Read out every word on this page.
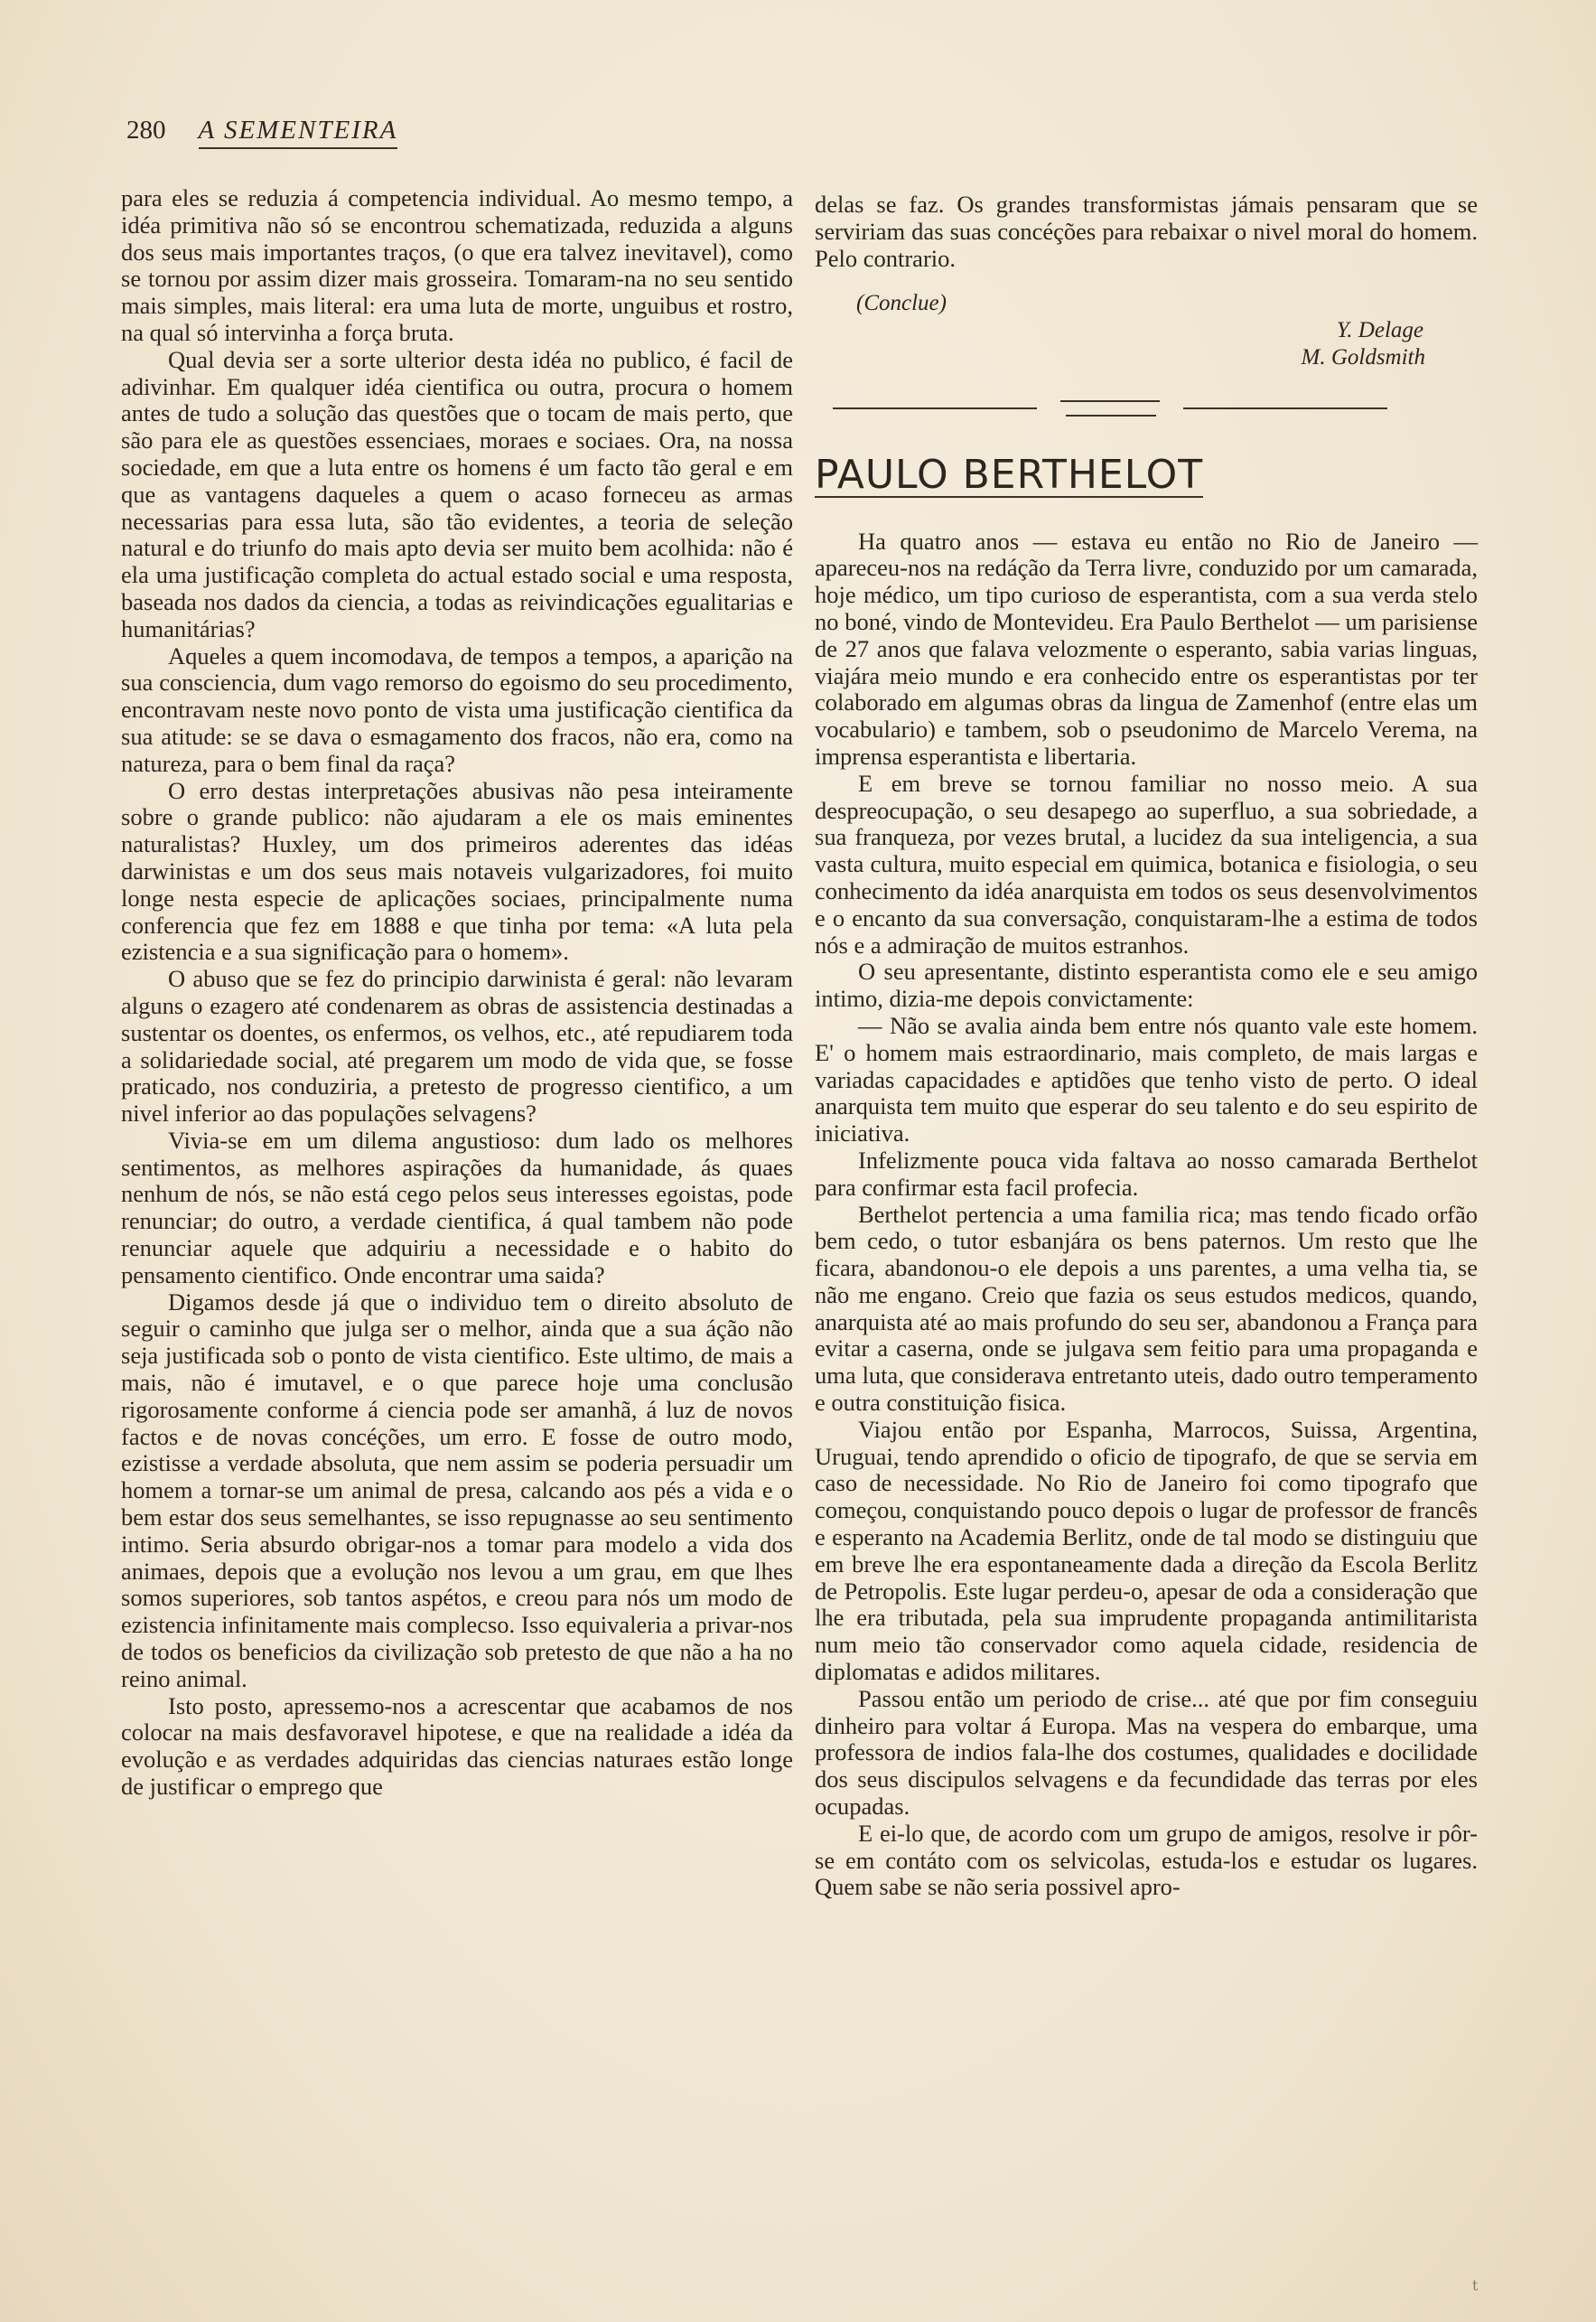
280 A SEMENTEIRA

para eles se reduzia á competencia individual. Ao mesmo tempo, a idéa primitiva não só se encontrou schematizada, reduzida a alguns dos seus mais importantes traços, (o que era talvez inevitavel), como se tornou por assim dizer mais grosseira. Tomaram-na no seu sentido mais simples, mais literal: era uma luta de morte, unguibus et rostro, na qual só intervinha a força bruta.

Qual devia ser a sorte ulterior desta idéa no publico, é facil de adivinhar. Em qualquer idéa cientifica ou outra, procura o homem antes de tudo a solução das questões que o tocam de mais perto, que são para ele as questões essenciaes, moraes e sociaes. Ora, na nossa sociedade, em que a luta entre os homens é um facto tão geral e em que as vantagens daqueles a quem o acaso forneceu as armas necessarias para essa luta, são tão evidentes, a teoria de seleção natural e do triunfo do mais apto devia ser muito bem acolhida: não é ela uma justificação completa do actual estado social e uma resposta, baseada nos dados da ciencia, a todas as reivindicações egualitarias e humanitárias?

Aqueles a quem incomodava, de tempos a tempos, a aparição na sua consciencia, dum vago remorso do egoismo do seu procedimento, encontravam neste novo ponto de vista uma justificação cientifica da sua atitude: se se dava o esmagamento dos fracos, não era, como na natureza, para o bem final da raça?

O erro destas interpretações abusivas não pesa inteiramente sobre o grande publico: não ajudaram a ele os mais eminentes naturalistas? Huxley, um dos primeiros aderentes das idéas darwinistas e um dos seus mais notaveis vulgarizadores, foi muito longe nesta especie de aplicações sociaes, principalmente numa conferencia que fez em 1888 e que tinha por tema: «A luta pela ezistencia e a sua significação para o homem».

O abuso que se fez do principio darwinista é geral: não levaram alguns o ezagero até condenarem as obras de assistencia destinadas a sustentar os doentes, os enfermos, os velhos, etc., até repudiarem toda a solidariedade social, até pregarem um modo de vida que, se fosse praticado, nos conduziria, a pretesto de progresso cientifico, a um nivel inferior ao das populações selvagens?

Vivia-se em um dilema angustioso: dum lado os melhores sentimentos, as melhores aspirações da humanidade, ás quaes nenhum de nós, se não está cego pelos seus interesses egoistas, pode renunciar; do outro, a verdade cientifica, á qual tambem não pode renunciar aquele que adquiriu a necessidade e o habito do pensamento cientifico. Onde encontrar uma saida?

Digamos desde já que o individuo tem o direito absoluto de seguir o caminho que julga ser o melhor, ainda que a sua áção não seja justificada sob o ponto de vista cientifico. Este ultimo, de mais a mais, não é imutavel, e o que parece hoje uma conclusão rigorosamente conforme á ciencia pode ser amanhã, á luz de novos factos e de novas concéções, um erro. E fosse de outro modo, ezistisse a verdade absoluta, que nem assim se poderia persuadir um homem a tornar-se um animal de presa, calcando aos pés a vida e o bem estar dos seus semelhantes, se isso repugnasse ao seu sentimento intimo. Seria absurdo obrigar-nos a tomar para modelo a vida dos animaes, depois que a evolução nos levou a um grau, em que lhes somos superiores, sob tantos aspétos, e creou para nós um modo de ezistencia infinitamente mais complecso. Isso equivaleria a privar-nos de todos os beneficios da civilização sob pretesto de que não a ha no reino animal.

Isto posto, apressemo-nos a acrescentar que acabamos de nos colocar na mais desfavoravel hipotese, e que na realidade a idéa da evolução e as verdades adquiridas das ciencias naturaes estão longe de justificar o emprego que

delas se faz. Os grandes transformistas jámais pensaram que se serviriam das suas concéções para rebaixar o nivel moral do homem. Pelo contrario.

(Conclue)
Y. Delage
M. Goldsmith
PAULO BERTHELOT

Ha quatro anos — estava eu então no Rio de Janeiro — apareceu-nos na redáção da Terra livre, conduzido por um camarada, hoje médico, um tipo curioso de esperantista, com a sua verda stelo no boné, vindo de Montevideu. Era Paulo Berthelot — um parisiense de 27 anos que falava velozmente o esperanto, sabia varias linguas, viajára meio mundo e era conhecido entre os esperantistas por ter colaborado em algumas obras da lingua de Zamenhof (entre elas um vocabulario) e tambem, sob o pseudonimo de Marcelo Verema, na imprensa esperantista e libertaria.

E em breve se tornou familiar no nosso meio. A sua despreocupação, o seu desapego ao superfluo, a sua sobriedade, a sua franqueza, por vezes brutal, a lucidez da sua inteligencia, a sua vasta cultura, muito especial em quimica, botanica e fisiologia, o seu conhecimento da idéa anarquista em todos os seus desenvolvimentos e o encanto da sua conversação, conquistaram-lhe a estima de todos nós e a admiração de muitos estranhos.

O seu apresentante, distinto esperantista como ele e seu amigo intimo, dizia-me depois convictamente:

— Não se avalia ainda bem entre nós quanto vale este homem. E' o homem mais estraordinario, mais completo, de mais largas e variadas capacidades e aptidões que tenho visto de perto. O ideal anarquista tem muito que esperar do seu talento e do seu espirito de iniciativa.

Infelizmente pouca vida faltava ao nosso camarada Berthelot para confirmar esta facil profecia.

Berthelot pertencia a uma familia rica; mas tendo ficado orfão bem cedo, o tutor esbanjára os bens paternos. Um resto que lhe ficara, abandonou-o ele depois a uns parentes, a uma velha tia, se não me engano. Creio que fazia os seus estudos medicos, quando, anarquista até ao mais profundo do seu ser, abandonou a França para evitar a caserna, onde se julgava sem feitio para uma propaganda e uma luta, que considerava entretanto uteis, dado outro temperamento e outra constituição fisica.

Viajou então por Espanha, Marrocos, Suissa, Argentina, Uruguai, tendo aprendido o oficio de tipografo, de que se servia em caso de necessidade. No Rio de Janeiro foi como tipografo que começou, conquistando pouco depois o lugar de professor de francês e esperanto na Academia Berlitz, onde de tal modo se distinguiu que em breve lhe era espontaneamente dada a direção da Escola Berlitz de Petropolis. Este lugar perdeu-o, apesar de oda a consideração que lhe era tributada, pela sua imprudente propaganda antimilitarista num meio tão conservador como aquela cidade, residencia de diplomatas e adidos militares.

Passou então um periodo de crise... até que por fim conseguiu dinheiro para voltar á Europa. Mas na vespera do embarque, uma professora de indios fala-lhe dos costumes, qualidades e docilidade dos seus discipulos selvagens e da fecundidade das terras por eles ocupadas.

E ei-lo que, de acordo com um grupo de amigos, resolve ir pôr-se em contáto com os selvicolas, estuda-los e estudar os lugares. Quem sabe se não seria possivel apro-

t
